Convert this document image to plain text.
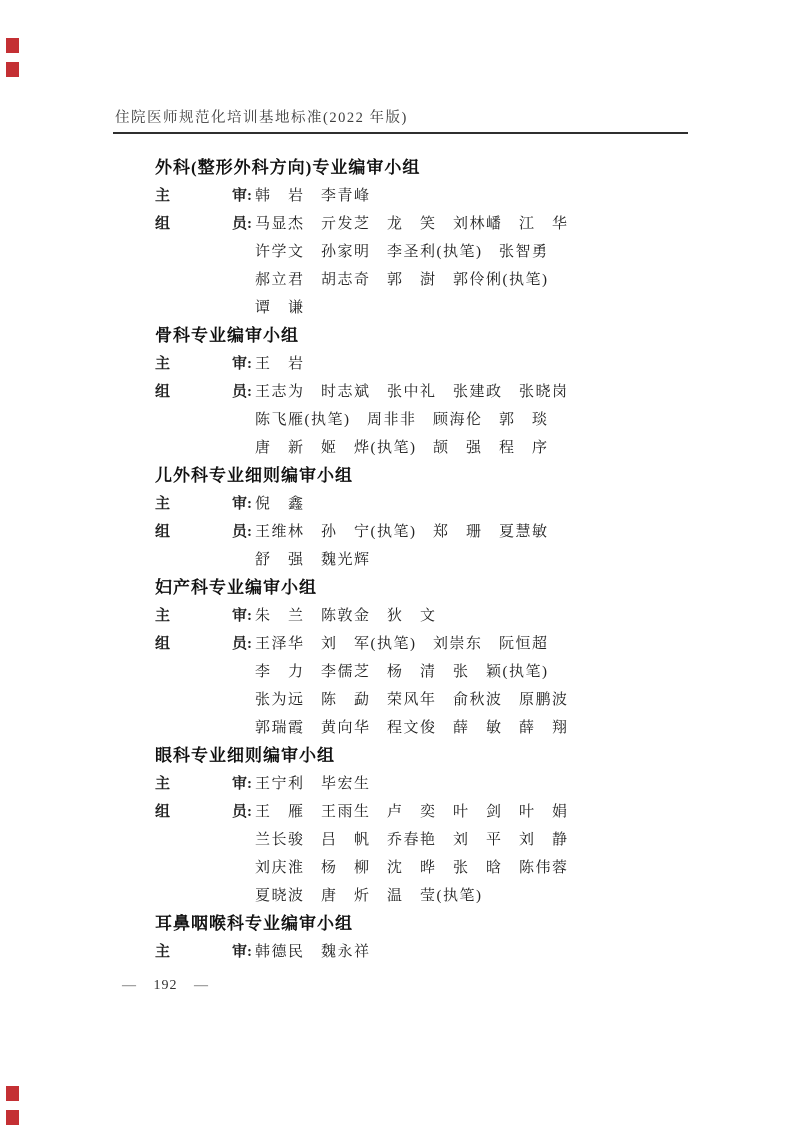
住院医师规范化培训基地标准(2022 年版)
外科(整形外科方向)专业编审小组
主	审: 韩　岩　李青峰
组	员: 马显杰　亓发芝　龙　笑　刘林嶓　江　华
许学文　孙家明　李圣利(执笔)　张智勇
郝立君　胡志奇　郭　澍　郭伶俐(执笔)
谭　谦
骨科专业编审小组
主	审: 王　岩
组	员: 王志为　时志斌　张中礼　张建政　张晓岗
陈飞雁(执笔)　周非非　顾海伦　郭　琰
唐　新　姬　烨(执笔)　颉　强　程　序
儿外科专业细则编审小组
主	审: 倪　鑫
组	员: 王维林　孙　宁(执笔)　郑　珊　夏慧敏
舒　强　魏光辉
妇产科专业编审小组
主	审: 朱　兰　陈敦金　狄　文
组	员: 王泽华　刘　军(执笔)　刘崇东　阮恒超
李　力　李儒芝　杨　清　张　颖(执笔)
张为远　陈　勐　荣风年　俞秋波　原鹏波
郭瑞霞　黄向华　程文俊　薛　敏　薛　翔
眼科专业细则编审小组
主	审: 王宁利　毕宏生
组	员: 王　雁　王雨生　卢　奕　叶　剑　叶　娟
兰长骏　吕　帆　乔春艳　刘　平　刘　静
刘庆淮　杨　柳　沈　晔　张　晗　陈伟蓉
夏晓波　唐　炘　温　莹(执笔)
耳鼻咽喉科专业编审小组
主	审: 韩德民　魏永祥
— 192 —
